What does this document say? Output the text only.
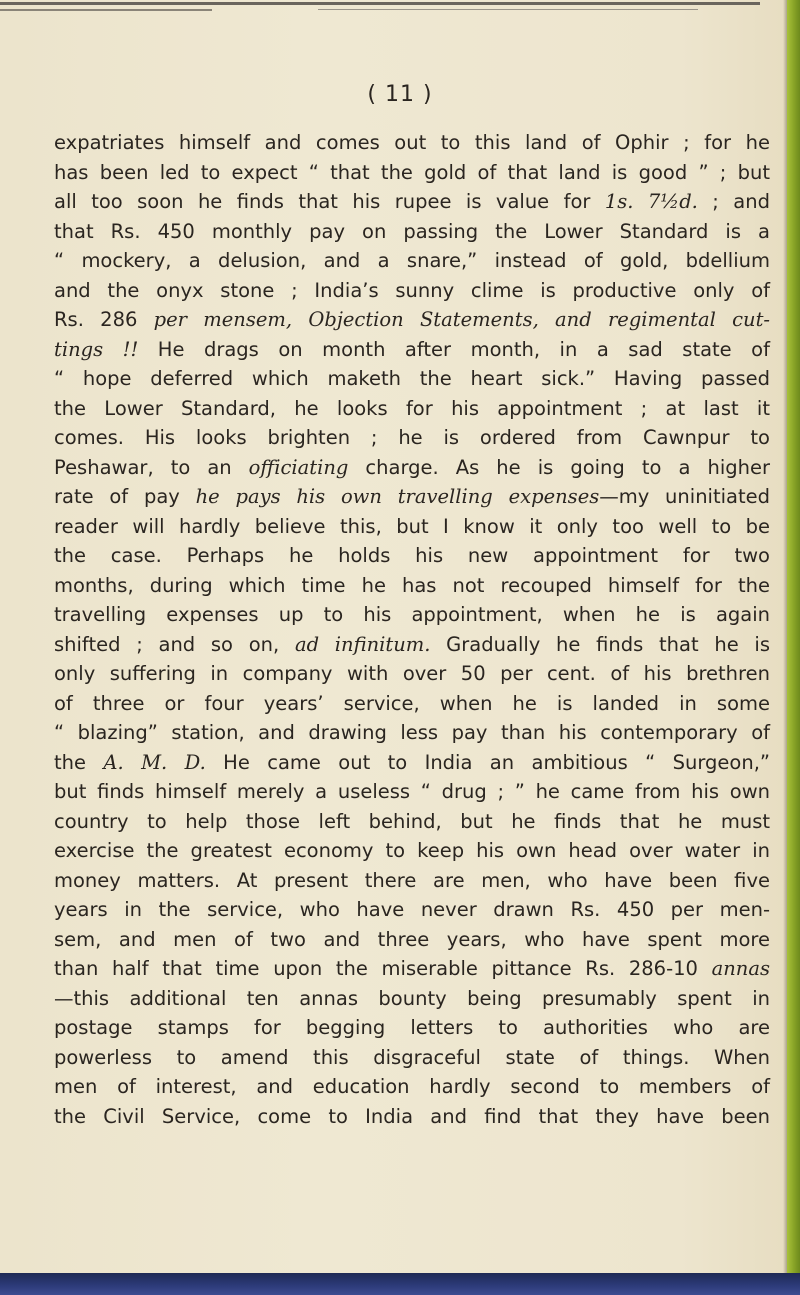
( 11 )
expatriates himself and comes out to this land of Ophir ; for he
has been led to expect “ that the gold of that land is good ” ; but
all too soon he finds that his rupee is value for 1s. 7½d. ; and
that Rs. 450 monthly pay on passing the Lower Standard is a
“ mockery, a delusion, and a snare,” instead of gold, bdellium
and the onyx stone ; India’s sunny clime is productive only of
Rs. 286 per mensem, Objection Statements, and regimental cut-
tings !! He drags on month after month, in a sad state of
“ hope deferred which maketh the heart sick.” Having passed
the Lower Standard, he looks for his appointment ; at last it
comes. His looks brighten ; he is ordered from Cawnpur to
Peshawar, to an officiating charge. As he is going to a higher
rate of pay he pays his own travelling expenses—my uninitiated
reader will hardly believe this, but I know it only too well to be
the case. Perhaps he holds his new appointment for two
months, during which time he has not recouped himself for the
travelling expenses up to his appointment, when he is again
shifted ; and so on, ad infinitum. Gradually he finds that he is
only suffering in company with over 50 per cent. of his brethren
of three or four years’ service, when he is landed in some
“ blazing” station, and drawing less pay than his contemporary of
the A. M. D. He came out to India an ambitious “ Surgeon,”
but finds himself merely a useless “ drug ; ” he came from his own
country to help those left behind, but he finds that he must
exercise the greatest economy to keep his own head over water in
money matters. At present there are men, who have been five
years in the service, who have never drawn Rs. 450 per men-
sem, and men of two and three years, who have spent more
than half that time upon the miserable pittance Rs. 286-10 annas
—this additional ten annas bounty being presumably spent in
postage stamps for begging letters to authorities who are
powerless to amend this disgraceful state of things. When
men of interest, and education hardly second to members of
the Civil Service, come to India and find that they have been
